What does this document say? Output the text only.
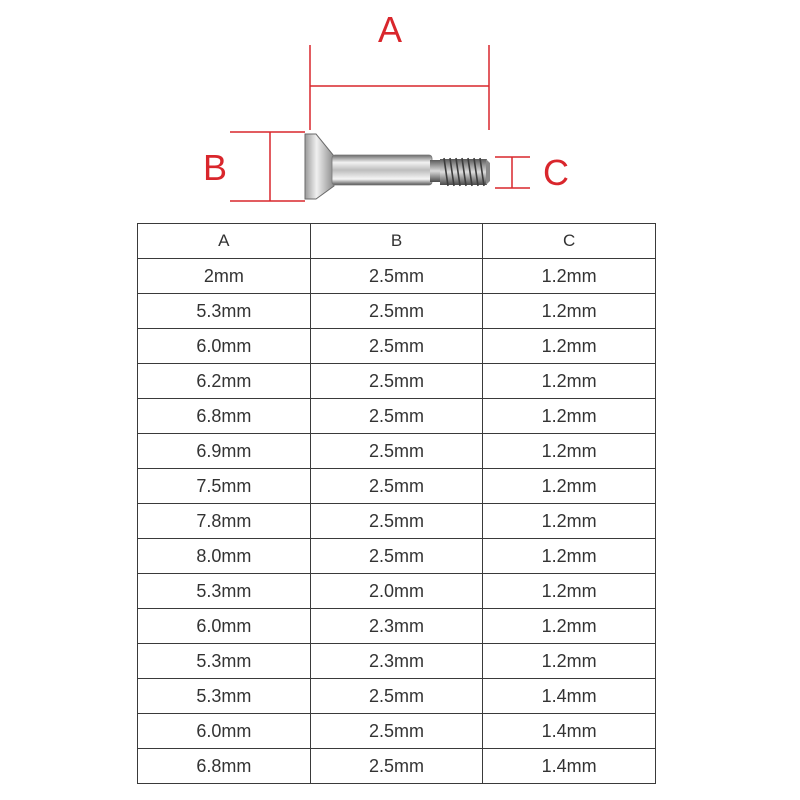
A
B	C
A	B	C
2mm	2.5mm	1.2mm
5.3mm	2.5mm	1.2mm
6.0mm	2.5mm	1.2mm
6.2mm	2.5mm	1.2mm
6.8mm	2.5mm	1.2mm
6.9mm	2.5mm	1.2mm
7.5mm	2.5mm	1.2mm
7.8mm	2.5mm	1.2mm
8.0mm	2.5mm	1.2mm
5.3mm	2.0mm	1.2mm
6.0mm	2.3mm	1.2mm
5.3mm	2.3mm	1.2mm
5.3mm	2.5mm	1.4mm
6.0mm	2.5mm	1.4mm
6.8mm	2.5mm	1.4mm
